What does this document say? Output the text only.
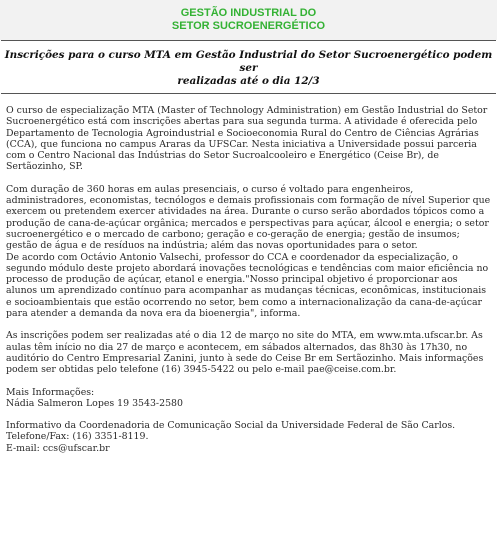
GESTÃO INDUSTRIAL DO
SETOR SUCROENERGÉTICO
Inscrições para o curso MTA em Gestão Industrial do Setor Sucroenergético podem ser
realizadas até o dia 12/3

O curso de especialização MTA (Master of Technology Administration) em Gestão Industrial do Setor Sucroenergético está com inscrições abertas para sua segunda turma. A atividade é oferecida pelo Departamento de Tecnologia Agroindustrial e Socioeconomia Rural do Centro de Ciências Agrárias (CCA), que funciona no campus Araras da UFSCar. Nesta iniciativa a Universidade possui parceria com o Centro Nacional das Indústrias do Setor Sucroalcooleiro e Energético (Ceise Br), de Sertãozinho, SP.

Com duração de 360 horas em aulas presenciais, o curso é voltado para engenheiros, administradores, economistas, tecnólogos e demais profissionais com formação de nível Superior que exercem ou pretendem exercer atividades na área. Durante o curso serão abordados tópicos como a produção de cana-de-açúcar orgânica; mercados e perspectivas para açúcar, álcool e energia; o setor sucroenergético e o mercado de carbono; geração e co-geração de energia; gestão de insumos; gestão de água e de resíduos na indústria; além das novas oportunidades para o setor.

De acordo com Octávio Antonio Valsechi, professor do CCA e coordenador da especialização, o segundo módulo deste projeto abordará inovações tecnológicas e tendências com maior eficiência no processo de produção de açúcar, etanol e energia."Nosso principal objetivo é proporcionar aos alunos um aprendizado contínuo para acompanhar as mudanças técnicas, econômicas, institucionais e socioambientais que estão ocorrendo no setor, bem como a internacionalização da cana-de-açúcar para atender a demanda da nova era da bioenergia", informa.

As inscrições podem ser realizadas até o dia 12 de março no site do MTA, em www.mta.ufscar.br. As aulas têm início no dia 27 de março e acontecem, em sábados alternados, das 8h30 às 17h30, no auditório do Centro Empresarial Zanini, junto à sede do Ceise Br em Sertãozinho. Mais informações podem ser obtidas pelo telefone (16) 3945-5422 ou pelo e-mail pae@ceise.com.br.

Mais Informações:

Nádia Salmeron Lopes 19 3543-2580

Informativo da Coordenadoria de Comunicação Social da Universidade Federal de São Carlos.

Telefone/Fax: (16) 3351-8119.

E-mail: ccs@ufscar.br
